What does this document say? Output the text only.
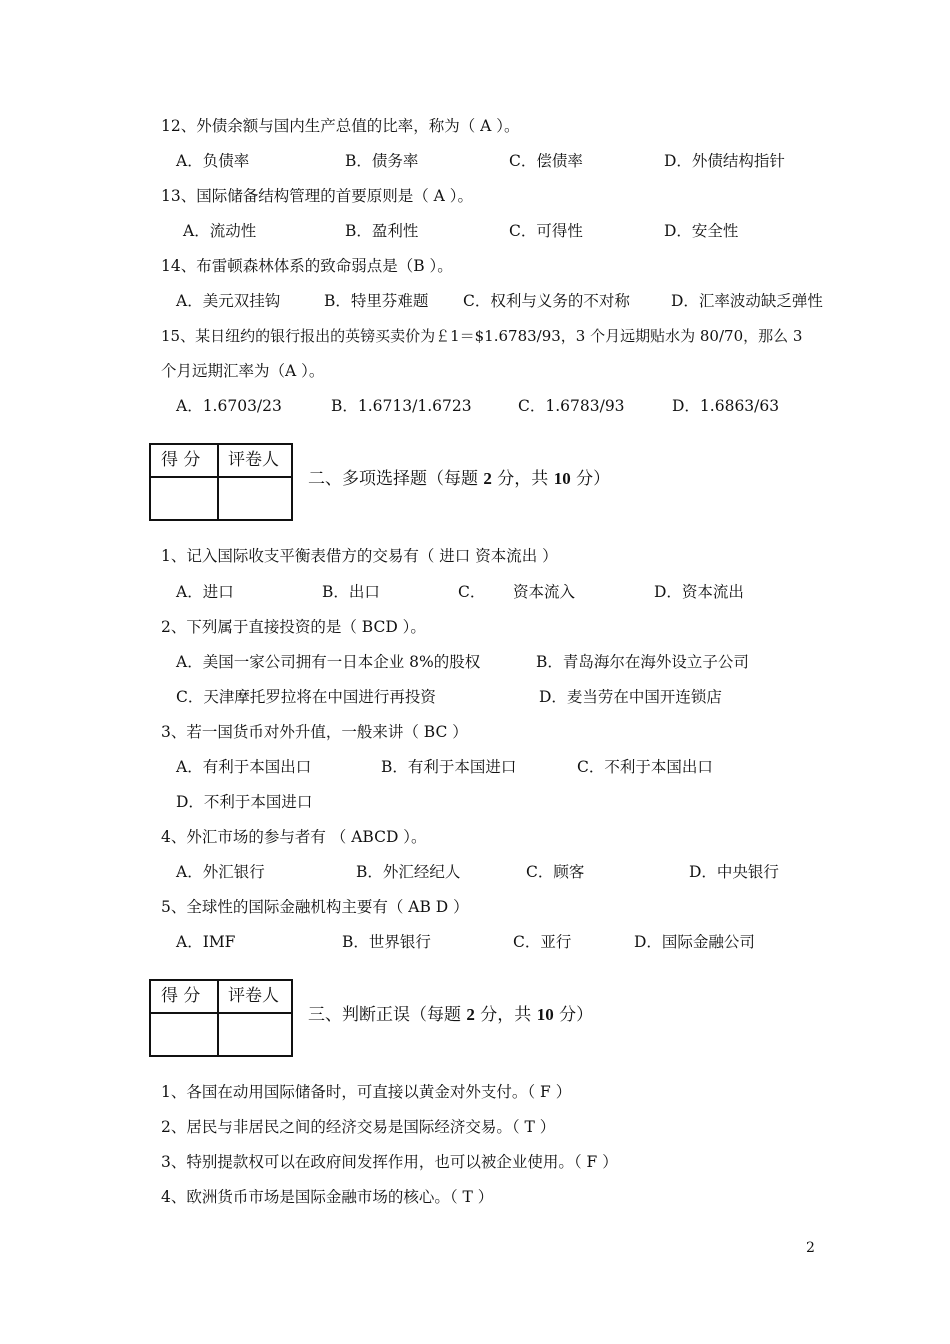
12、外债余额与国内生产总值的比率，称为（ A ）。
A．负债率	B．债务率	C．偿债率	D．外债结构指针
13、国际储备结构管理的首要原则是（ A ）。
A．流动性	B．盈利性	C．可得性	D．安全性
14、布雷顿森林体系的致命弱点是（B ）。
A．美元双挂钩	B．特里芬难题 C．权利与义务的不对称	D．汇率波动缺乏弹性
15、某日纽约的银行报出的英镑买卖价为￡1＝$1.6783/93，3 个月远期贴水为 80/70，那么 3
个月远期汇率为（A ）。
A．1.6703/23	B．1.6713/1.6723	C．1.6783/93	D．1.6863/63
得 分 评卷人
二、多项选择题（每题 2 分，共 10 分）
1、记入国际收支平衡表借方的交易有（ 进口 资本流出 ）
A．进口	B．出口	C． 资本流入	D．资本流出
2、下列属于直接投资的是（ BCD ）。
A．美国一家公司拥有一日本企业 8%的股权	B．青岛海尔在海外设立子公司
C．天津摩托罗拉将在中国进行再投资	D．麦当劳在中国开连锁店
3、若一国货币对外升值，一般来讲（ BC ）
A．有利于本国出口	B．有利于本国进口	C．不利于本国出口
D．不利于本国进口
4、外汇市场的参与者有 （ ABCD ）。
A．外汇银行	B．外汇经纪人	C．顾客	D．中央银行
5、全球性的国际金融机构主要有（ AB D ）
A．IMF	B．世界银行	C．亚行	D．国际金融公司
得 分 评卷人
三、判断正误（每题 2 分，共 10 分）
1、各国在动用国际储备时，可直接以黄金对外支付。（ F ）
2、居民与非居民之间的经济交易是国际经济交易。（ T ）
3、特别提款权可以在政府间发挥作用，也可以被企业使用。（ F ）
4、欧洲货币市场是国际金融市场的核心。（ T ）
2
